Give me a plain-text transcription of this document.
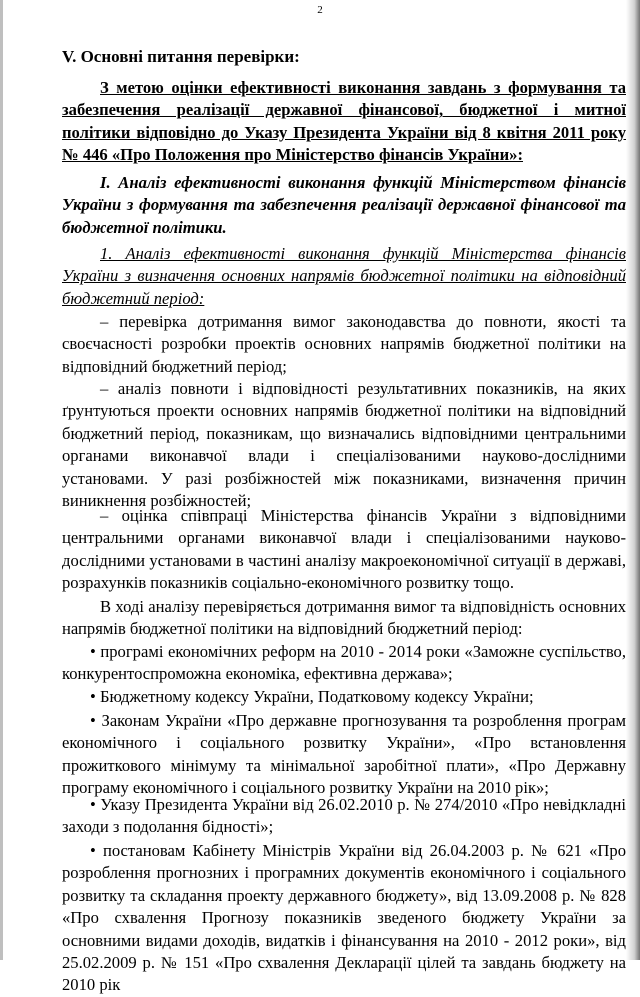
2
V. Основні питання перевірки:

З метою оцінки ефективності виконання завдань з формування та забезпечення реалізації державної фінансової, бюджетної і митної політики відповідно до Указу Президента України від 8 квітня 2011 року № 446 «Про Положення про Міністерство фінансів України»:

I. Аналіз ефективності виконання функцій Міністерством фінансів України з формування та забезпечення реалізації державної фінансової та бюджетної політики.

1. Аналіз ефективності виконання функцій Міністерства фінансів України з визначення основних напрямів бюджетної політики на відповідний бюджетний період:

– перевірка дотримання вимог законодавства до повноти, якості та своєчасності розробки проектів основних напрямів бюджетної політики на відповідний бюджетний період;

– аналіз повноти і відповідності результативних показників, на яких ґрунтуються проекти основних напрямів бюджетної політики на відповідний бюджетний період, показникам, що визначались відповідними центральними органами виконавчої влади і спеціалізованими науково-дослідними установами. У разі розбіжностей між показниками, визначення причин виникнення розбіжностей;

– оцінка співпраці Міністерства фінансів України з відповідними центральними органами виконавчої влади і спеціалізованими науково-дослідними установами в частині аналізу макроекономічної ситуації в державі, розрахунків показників соціально-економічного розвитку тощо.

В ході аналізу перевіряється дотримання вимог та відповідність основних напрямів бюджетної політики на відповідний бюджетний період:

• програмі економічних реформ на 2010 - 2014 роки «Заможне суспільство, конкурентоспроможна економіка, ефективна держава»;

• Бюджетному кодексу України, Податковому кодексу України;

• Законам України «Про державне прогнозування та розроблення програм економічного і соціального розвитку України», «Про встановлення прожиткового мінімуму та мінімальної заробітної плати», «Про Державну програму економічного і соціального розвитку України на 2010 рік»;

• Указу Президента України від 26.02.2010 р. № 274/2010 «Про невідкладні заходи з подолання бідності»;

• постановам Кабінету Міністрів України від 26.04.2003 р. № 621 «Про розроблення прогнозних і програмних документів економічного і соціального розвитку та складання проекту державного бюджету», від 13.09.2008 р. № 828 «Про схвалення Прогнозу показників зведеного бюджету України за основними видами доходів, видатків і фінансування на 2010 - 2012 роки», від 25.02.2009 р. № 151 «Про схвалення Декларації цілей та завдань бюджету на 2010 рік
